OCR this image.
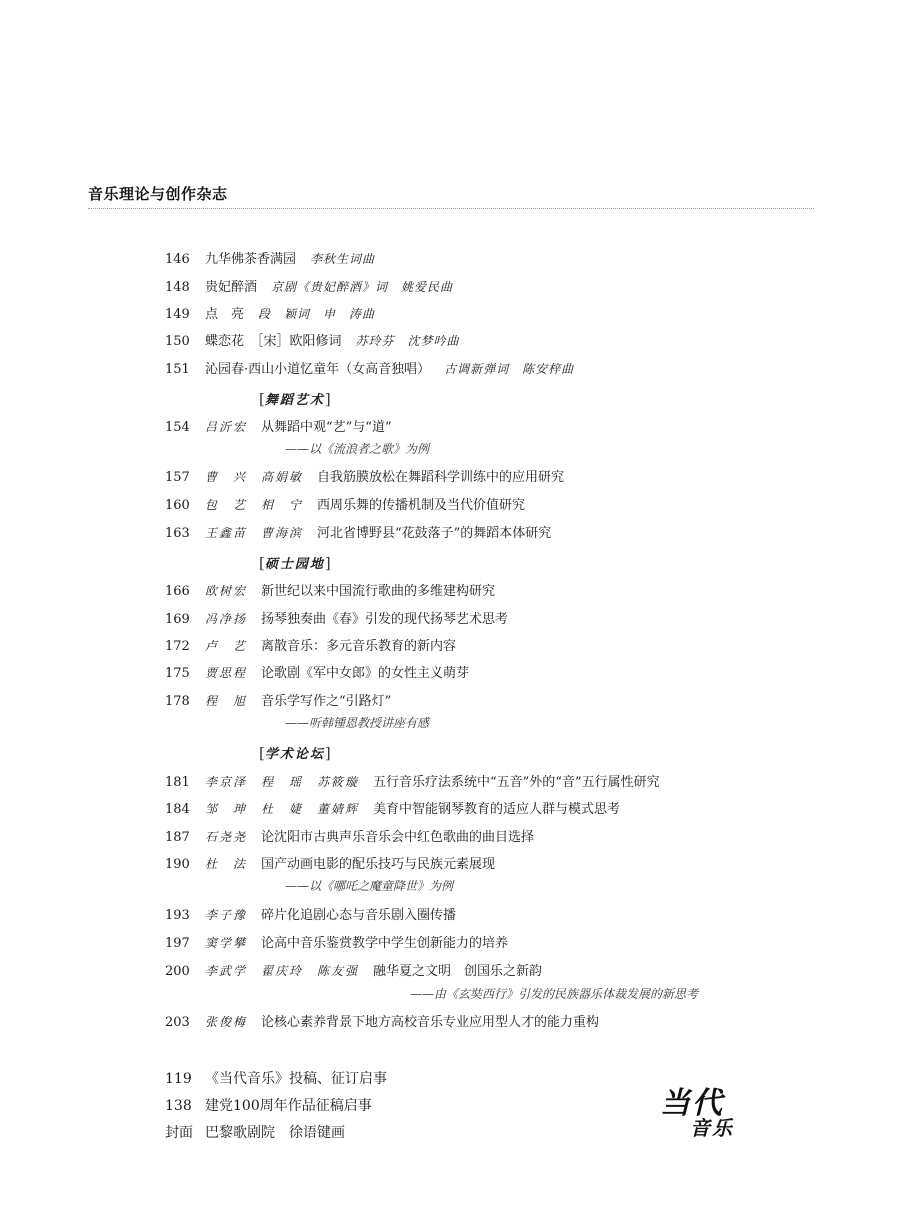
音乐理论与创作杂志
146 九华佛茶香满园 李秋生词曲
148 贵妃醉酒 京剧《贵妃醉酒》词　姚爱民曲
149 点　亮 段　颖词　申　涛曲
150 蝶恋花　［宋］欧阳修词 苏玲芬　沈梦吟曲
151 沁园春·西山小道忆童年（女高音独唱） 古调新弹词　陈安梓曲
[舞蹈艺术]
154 吕沂宏 从舞蹈中观“艺”与“道”
——以《流浪者之歌》为例
157 曹　兴　高娟敏 自我筋膜放松在舞蹈科学训练中的应用研究
160 包　艺　相　宁 西周乐舞的传播机制及当代价值研究
163 王鑫苗　曹海滨 河北省博野县“花鼓落子”的舞蹈本体研究
[硕士园地]
166 欧树宏 新世纪以来中国流行歌曲的多维建构研究
169 冯净扬 扬琴独奏曲《春》引发的现代扬琴艺术思考
172 卢　艺 离散音乐：多元音乐教育的新内容
175 贾思程 论歌剧《军中女郎》的女性主义萌芽
178 程　旭 音乐学写作之“引路灯”
——听韩锺恩教授讲座有感
[学术论坛]
181 李京泽　程　瑶　苏筱璇 五行音乐疗法系统中“五音”外的“音”五行属性研究
184 邹　珅　杜　婕　董婧辉 美育中智能钢琴教育的适应人群与模式思考
187 石尧尧 论沈阳市古典声乐音乐会中红色歌曲的曲目选择
190 杜　法 国产动画电影的配乐技巧与民族元素展现
——以《哪吒之魔童降世》为例
193 李子豫 碎片化追剧心态与音乐剧入圈传播
197 窦学攀 论高中音乐鉴赏教学中学生创新能力的培养
200 李武学　翟庆玲　陈友强 融华夏之文明　创国乐之新韵
——由《玄奘西行》引发的民族器乐体裁发展的新思考
203 张俊梅 论核心素养背景下地方高校音乐专业应用型人才的能力重构
119 《当代音乐》投稿、征订启事
138 建党100周年作品征稿启事
封面 巴黎歌剧院　徐语键画
当代
音乐
